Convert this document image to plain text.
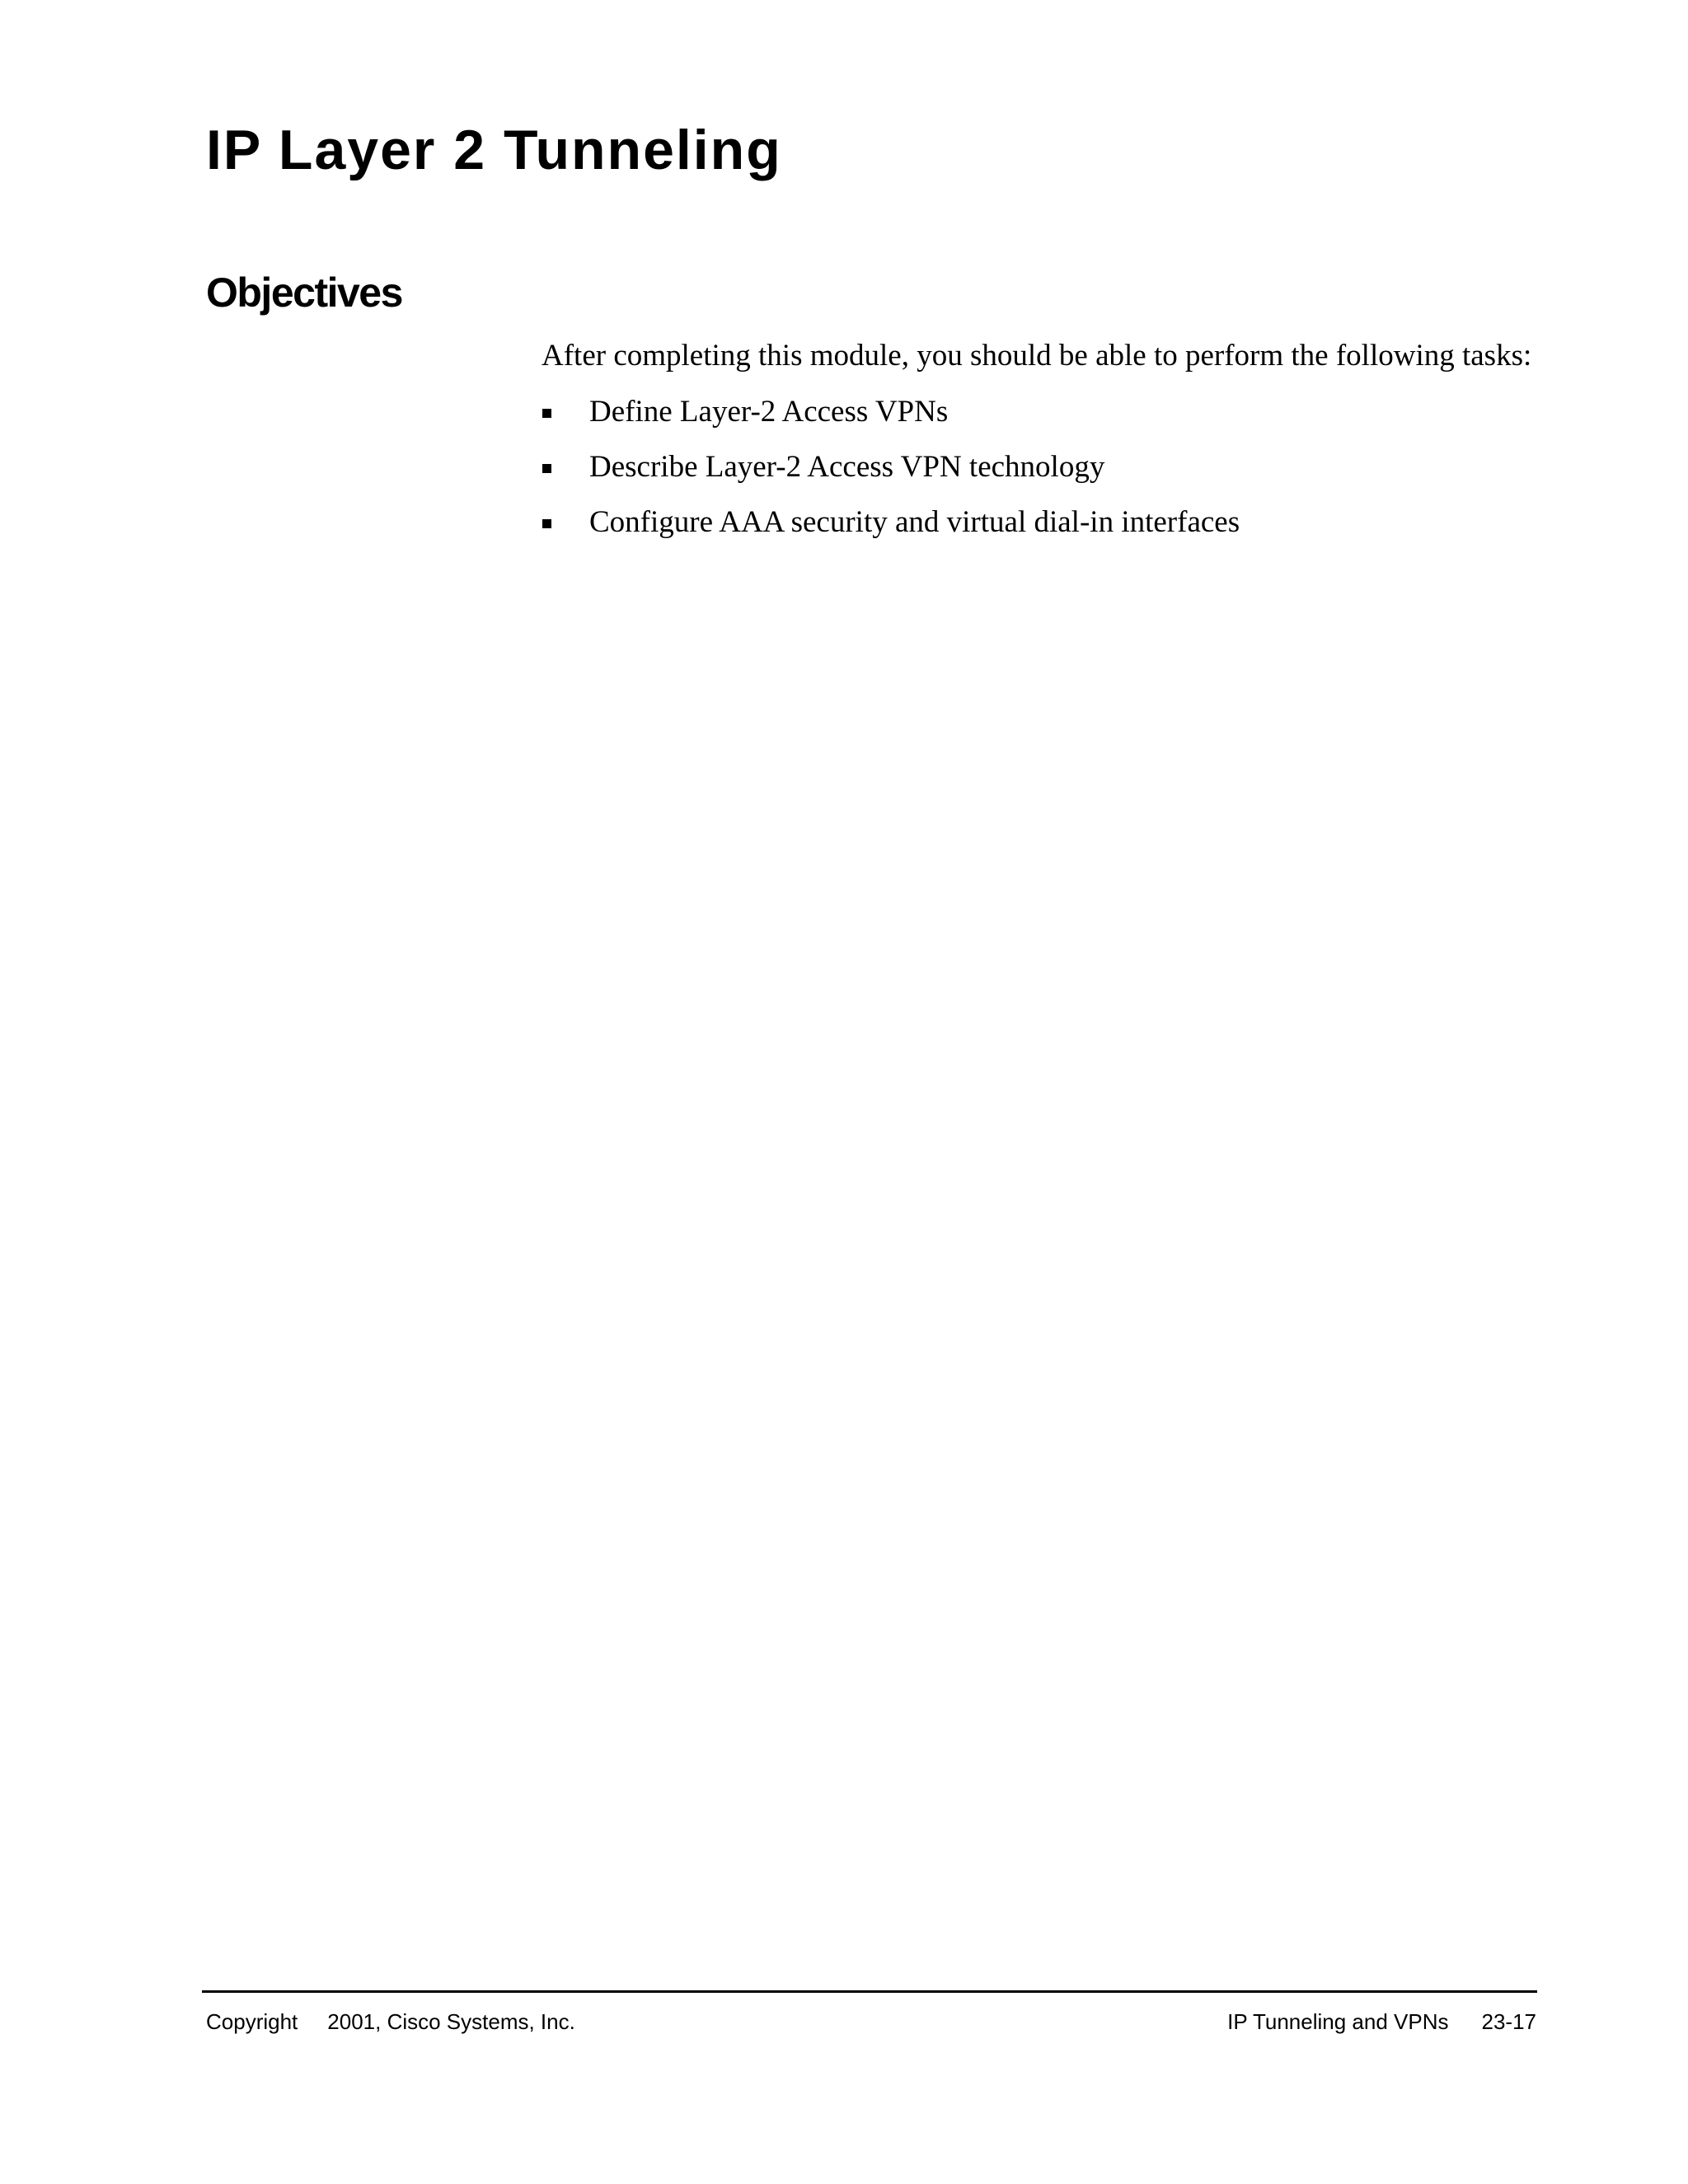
IP Layer 2 Tunneling
Objectives

After completing this module, you should be able to perform the following tasks:

Define Layer-2 Access VPNs
Describe Layer-2 Access VPN technology
Configure AAA security and virtual dial-in interfaces
Copyright 2001, Cisco Systems, Inc.	IP Tunneling and VPNs 23-17
